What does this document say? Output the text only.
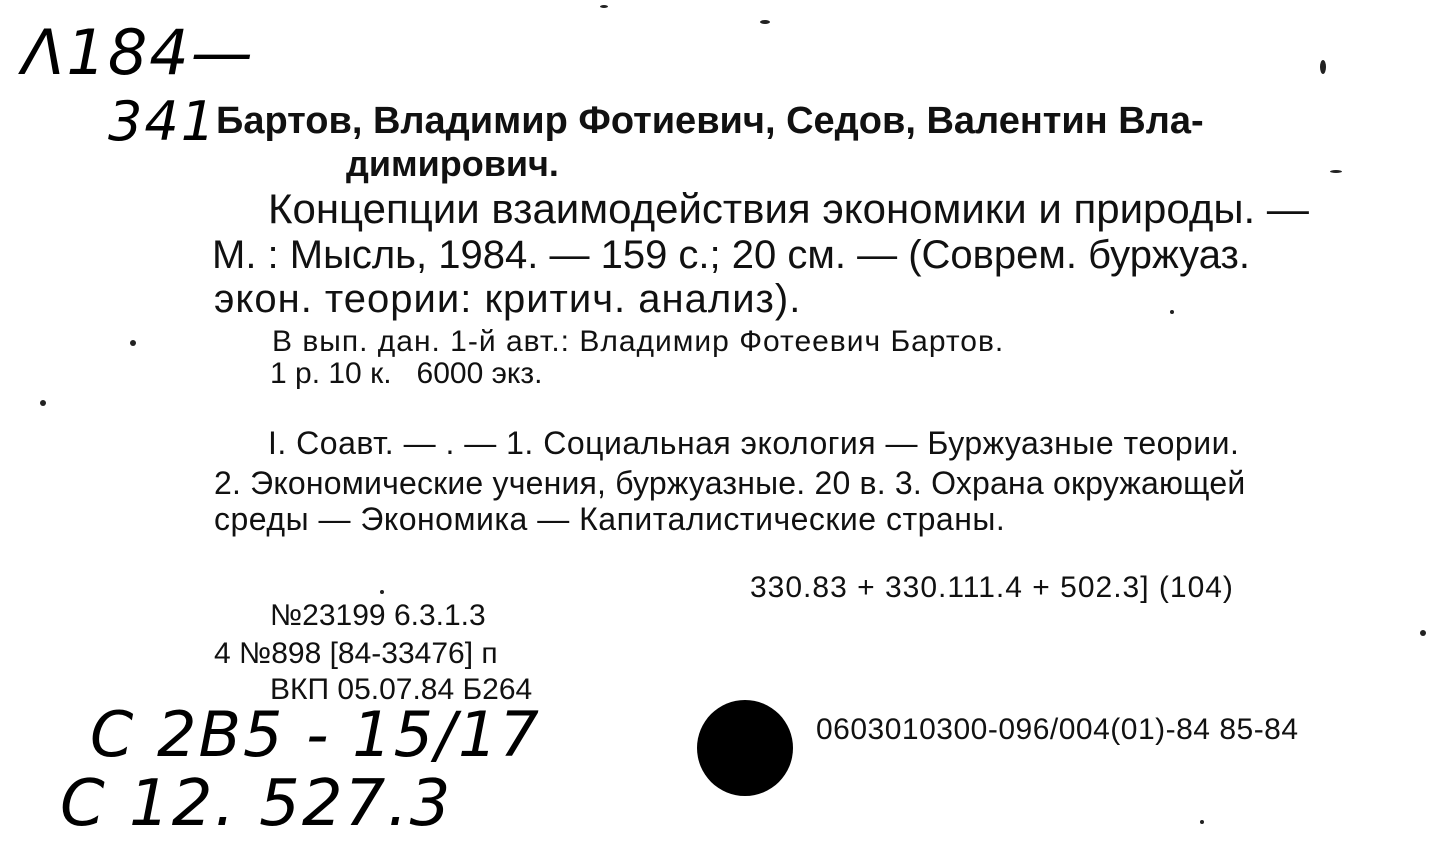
Λ184—
341
Бартов, Владимир Фотиевич, Седов, Валентин Вла-
димирович.
Концепции взаимодействия экономики и природы. —
М. : Мысль, 1984. — 159 с.; 20 см. — (Соврем. буржуаз.
экон. теории: критич. анализ).
В вып. дан. 1-й авт.: Владимир Фотеевич Бартов.
1 р. 10 к.   6000 экз.
I. Соавт. — . — 1. Социальная экология — Буржуазные теории.
2. Экономические учения, буржуазные. 20 в. 3. Охрана окружающей
среды — Экономика — Капиталистические страны.
330.83 + 330.111.4 + 502.3] (104)
№23199 6.3.1.3
4 №898 [84-33476] п
ВКП 05.07.84 Б264
0603010300-096/004(01)-84 85-84
C 2B5 - 15/17
C 12. 527.3
